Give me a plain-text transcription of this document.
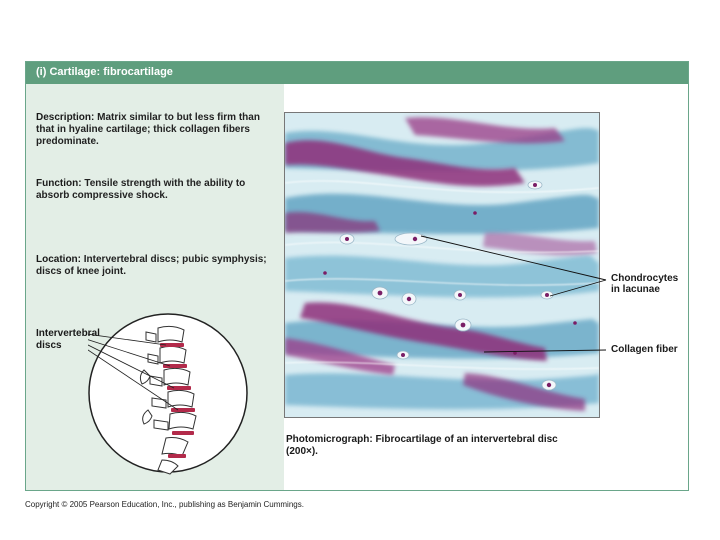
(i) Cartilage: fibrocartilage
Description: Matrix similar to but less firm than that in hyaline cartilage; thick collagen fibers predominate.
Function: Tensile strength with the ability to absorb compressive shock.
Location: Intervertebral discs; pubic symphysis; discs of knee joint.
Intervertebral discs
Chondrocytes in lacunae
Collagen fiber
Photomicrograph: Fibrocartilage of an intervertebral disc (200×).
Copyright © 2005 Pearson Education, Inc., publishing as Benjamin Cummings.
